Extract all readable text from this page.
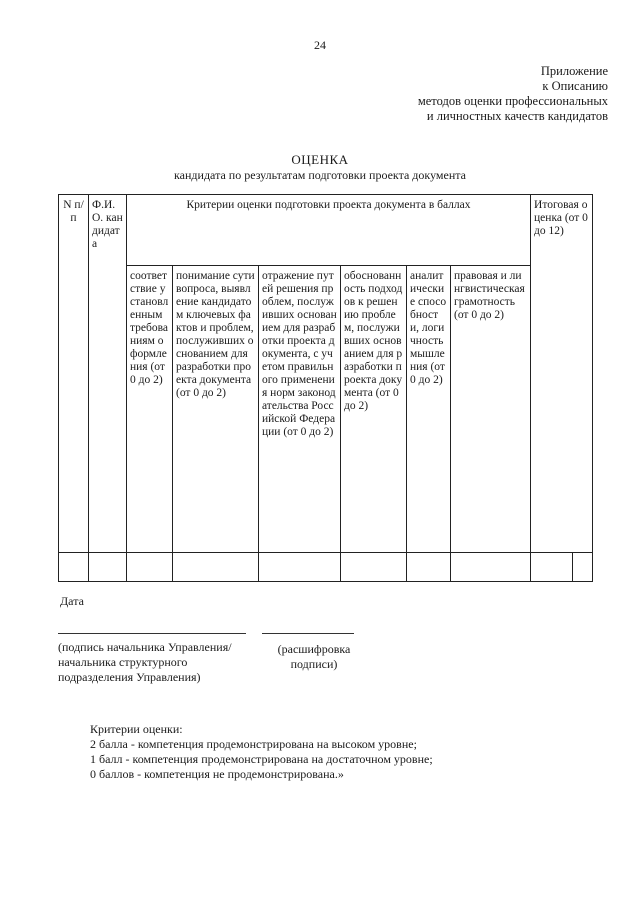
24
Приложение
к Описанию
методов оценки профессиональных
и личностных качеств кандидатов
ОЦЕНКА
кандидата по результатам подготовки проекта документа
N п/п	Ф.И.О. кандидата	Критерии оценки подготовки проекта документа в баллах						Итоговая оценка (от 0 до 12)	
		соответствие установленным требованиям оформления (от 0 до 2)	понимание сути вопроса, выявление кандидатом ключевых фактов и проблем, послуживших основанием для разработки проекта документа (от 0 до 2)	отражение путей решения проблем, послуживших основанием для разработки проекта документа, с учетом правильного применения норм законодательства Российской Федерации (от 0 до 2)	обоснованность подходов к решению проблем, послуживших основанием для разработки проекта документа (от 0 до 2)	аналитические способности, логичность мышления (от 0 до 2)	правовая и лингвистическая грамотность (от 0 до 2)		

Дата
(подпись начальника Управления/начальника структурного подразделения Управления)
(расшифровка подписи)
Критерии оценки:
2 балла - компетенция продемонстрирована на высоком уровне;
1 балл - компетенция продемонстрирована на достаточном уровне;
0 баллов - компетенция не продемонстрирована.»
